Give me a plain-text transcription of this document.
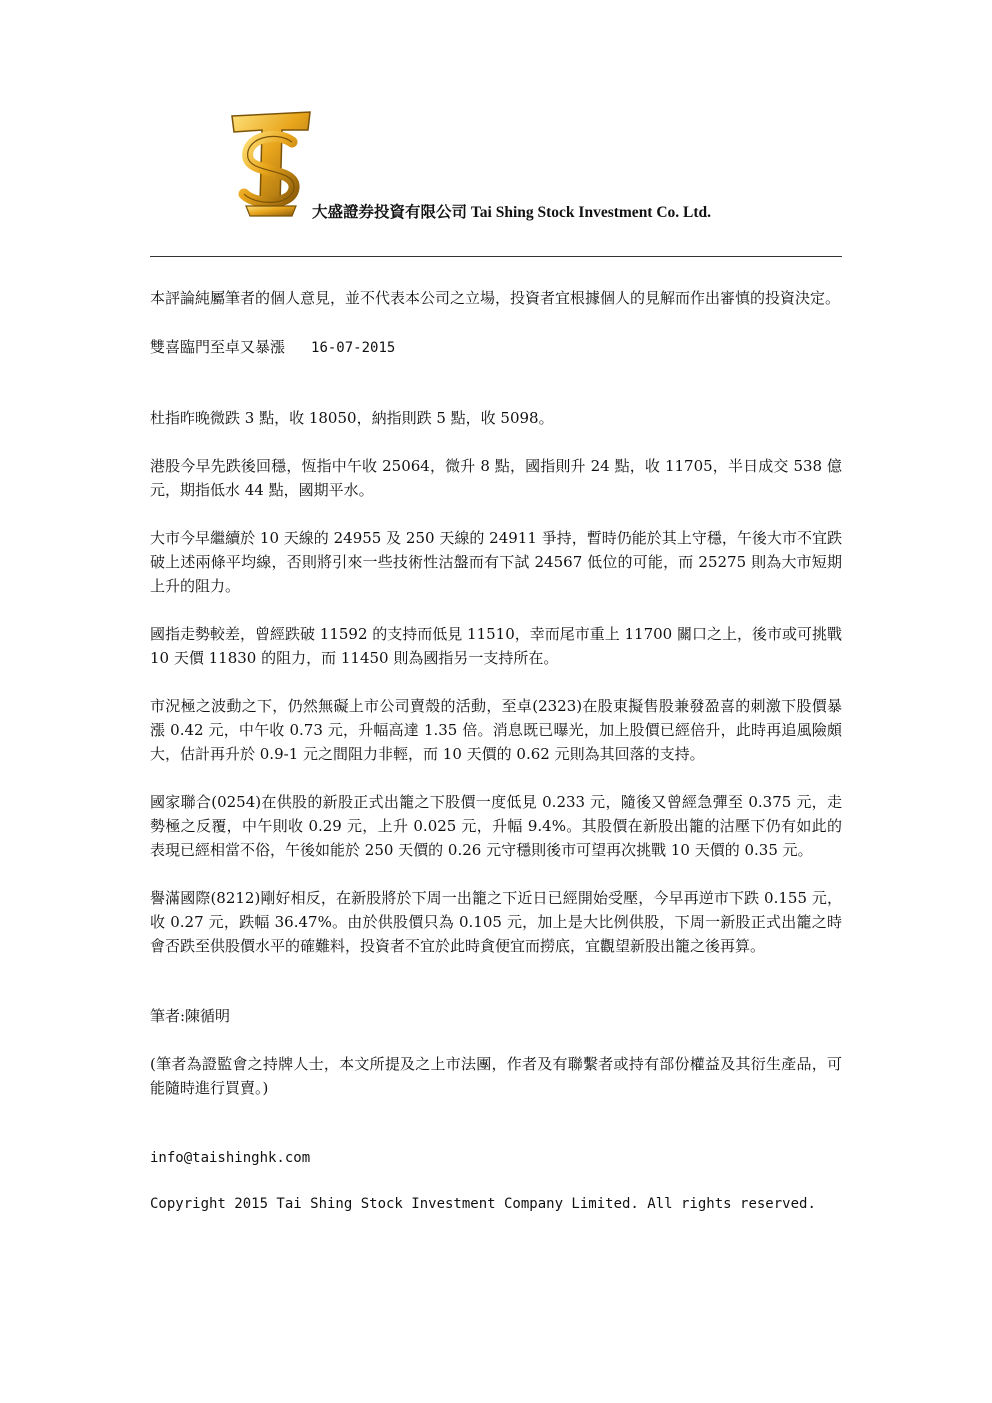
大盛證券投資有限公司 Tai Shing Stock Investment Co. Ltd.

本評論純屬筆者的個人意見，並不代表本公司之立場，投資者宜根據個人的見解而作出審慎的投資決定。

雙喜臨門至卓又暴漲 16-07-2015

杜指昨晚微跌 3 點，收 18050，納指則跌 5 點，收 5098。

港股今早先跌後回穩，恆指中午收 25064，微升 8 點，國指則升 24 點，收 11705，半日成交 538 億元，期指低水 44 點，國期平水。

大市今早繼續於 10 天線的 24955 及 250 天線的 24911 爭持，暫時仍能於其上守穩，午後大市不宜跌破上述兩條平均線，否則將引來一些技術性沽盤而有下試 24567 低位的可能，而 25275 則為大市短期上升的阻力。

國指走勢較差，曾經跌破 11592 的支持而低見 11510，幸而尾市重上 11700 關口之上，後市或可挑戰 10 天價 11830 的阻力，而 11450 則為國指另一支持所在。

市況極之波動之下，仍然無礙上市公司賣殼的活動，至卓(2323)在股東擬售股兼發盈喜的刺激下股價暴漲 0.42 元，中午收 0.73 元，升幅高達 1.35 倍。消息既已曝光，加上股價已經倍升，此時再追風險頗大，估計再升於 0.9-1 元之間阻力非輕，而 10 天價的 0.62 元則為其回落的支持。

國家聯合(0254)在供股的新股正式出籠之下股價一度低見 0.233 元，隨後又曾經急彈至 0.375 元，走勢極之反覆，中午則收 0.29 元，上升 0.025 元，升幅 9.4%。其股價在新股出籠的沽壓下仍有如此的表現已經相當不俗，午後如能於 250 天價的 0.26 元守穩則後市可望再次挑戰 10 天價的 0.35 元。

譽滿國際(8212)剛好相反，在新股將於下周一出籠之下近日已經開始受壓，今早再逆市下跌 0.155 元，收 0.27 元，跌幅 36.47%。由於供股價只為 0.105 元，加上是大比例供股，下周一新股正式出籠之時會否跌至供股價水平的確難料，投資者不宜於此時貪便宜而撈底，宜觀望新股出籠之後再算。

筆者:陳循明

(筆者為證監會之持牌人士，本文所提及之上市法團，作者及有聯繫者或持有部份權益及其衍生產品，可能隨時進行買賣。)

info@taishinghk.com

Copyright 2015 Tai Shing Stock Investment Company Limited. All rights reserved.
